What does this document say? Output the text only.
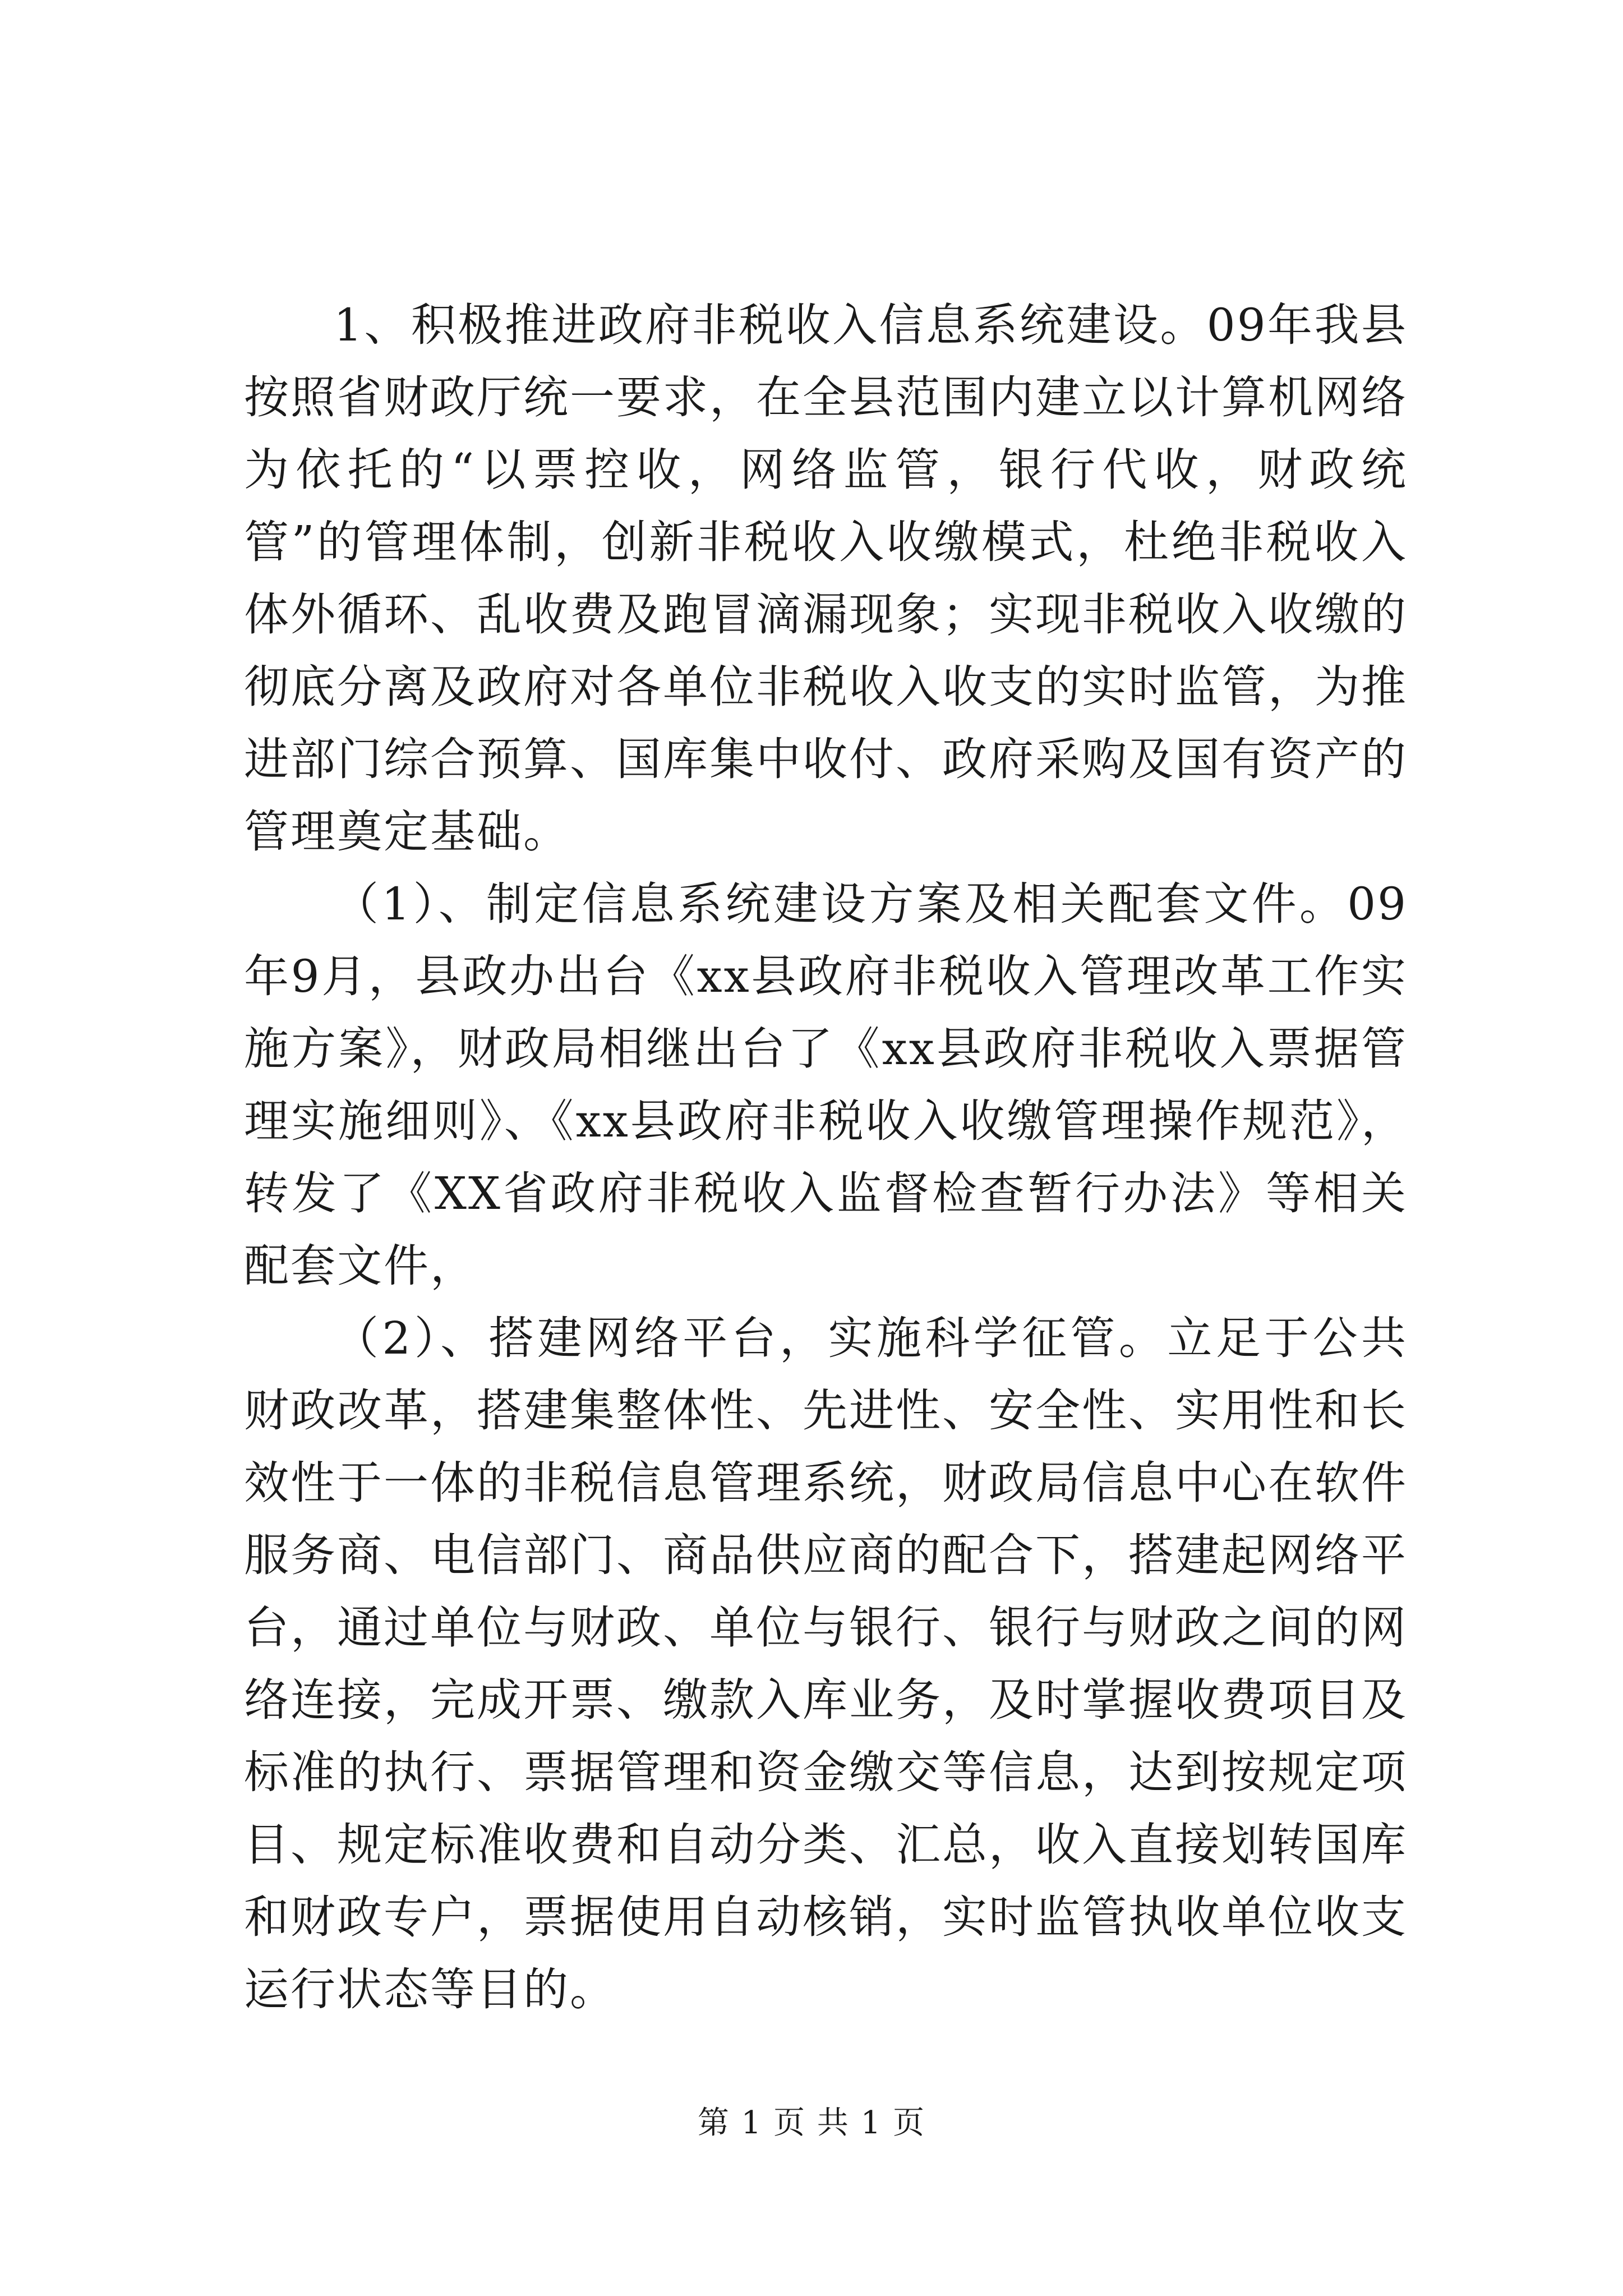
1、积极推进政府非税收入信息系统建设。09年我县按照省财政厅统一要求，在全县范围内建立以计算机网络为依托的“以票控收，网络监管，银行代收，财政统管”的管理体制，创新非税收入收缴模式，杜绝非税收入体外循环、乱收费及跑冒滴漏现象；实现非税收入收缴的彻底分离及政府对各单位非税收入收支的实时监管，为推进部门综合预算、国库集中收付、政府采购及国有资产的管理奠定基础。

（1）、制定信息系统建设方案及相关配套文件。09年9月，县政办出台《xx县政府非税收入管理改革工作实施方案》，财政局相继出台了《xx县政府非税收入票据管理实施细则》、《xx县政府非税收入收缴管理操作规范》，转发了《XX省政府非税收入监督检查暂行办法》等相关配套文件，

（2）、搭建网络平台，实施科学征管。立足于公共财政改革，搭建集整体性、先进性、安全性、实用性和长效性于一体的非税信息管理系统，财政局信息中心在软件服务商、电信部门、商品供应商的配合下，搭建起网络平台，通过单位与财政、单位与银行、银行与财政之间的网络连接，完成开票、缴款入库业务，及时掌握收费项目及标准的执行、票据管理和资金缴交等信息，达到按规定项目、规定标准收费和自动分类、汇总，收入直接划转国库和财政专户，票据使用自动核销，实时监管执收单位收支运行状态等目的。

第 1 页 共 1 页
